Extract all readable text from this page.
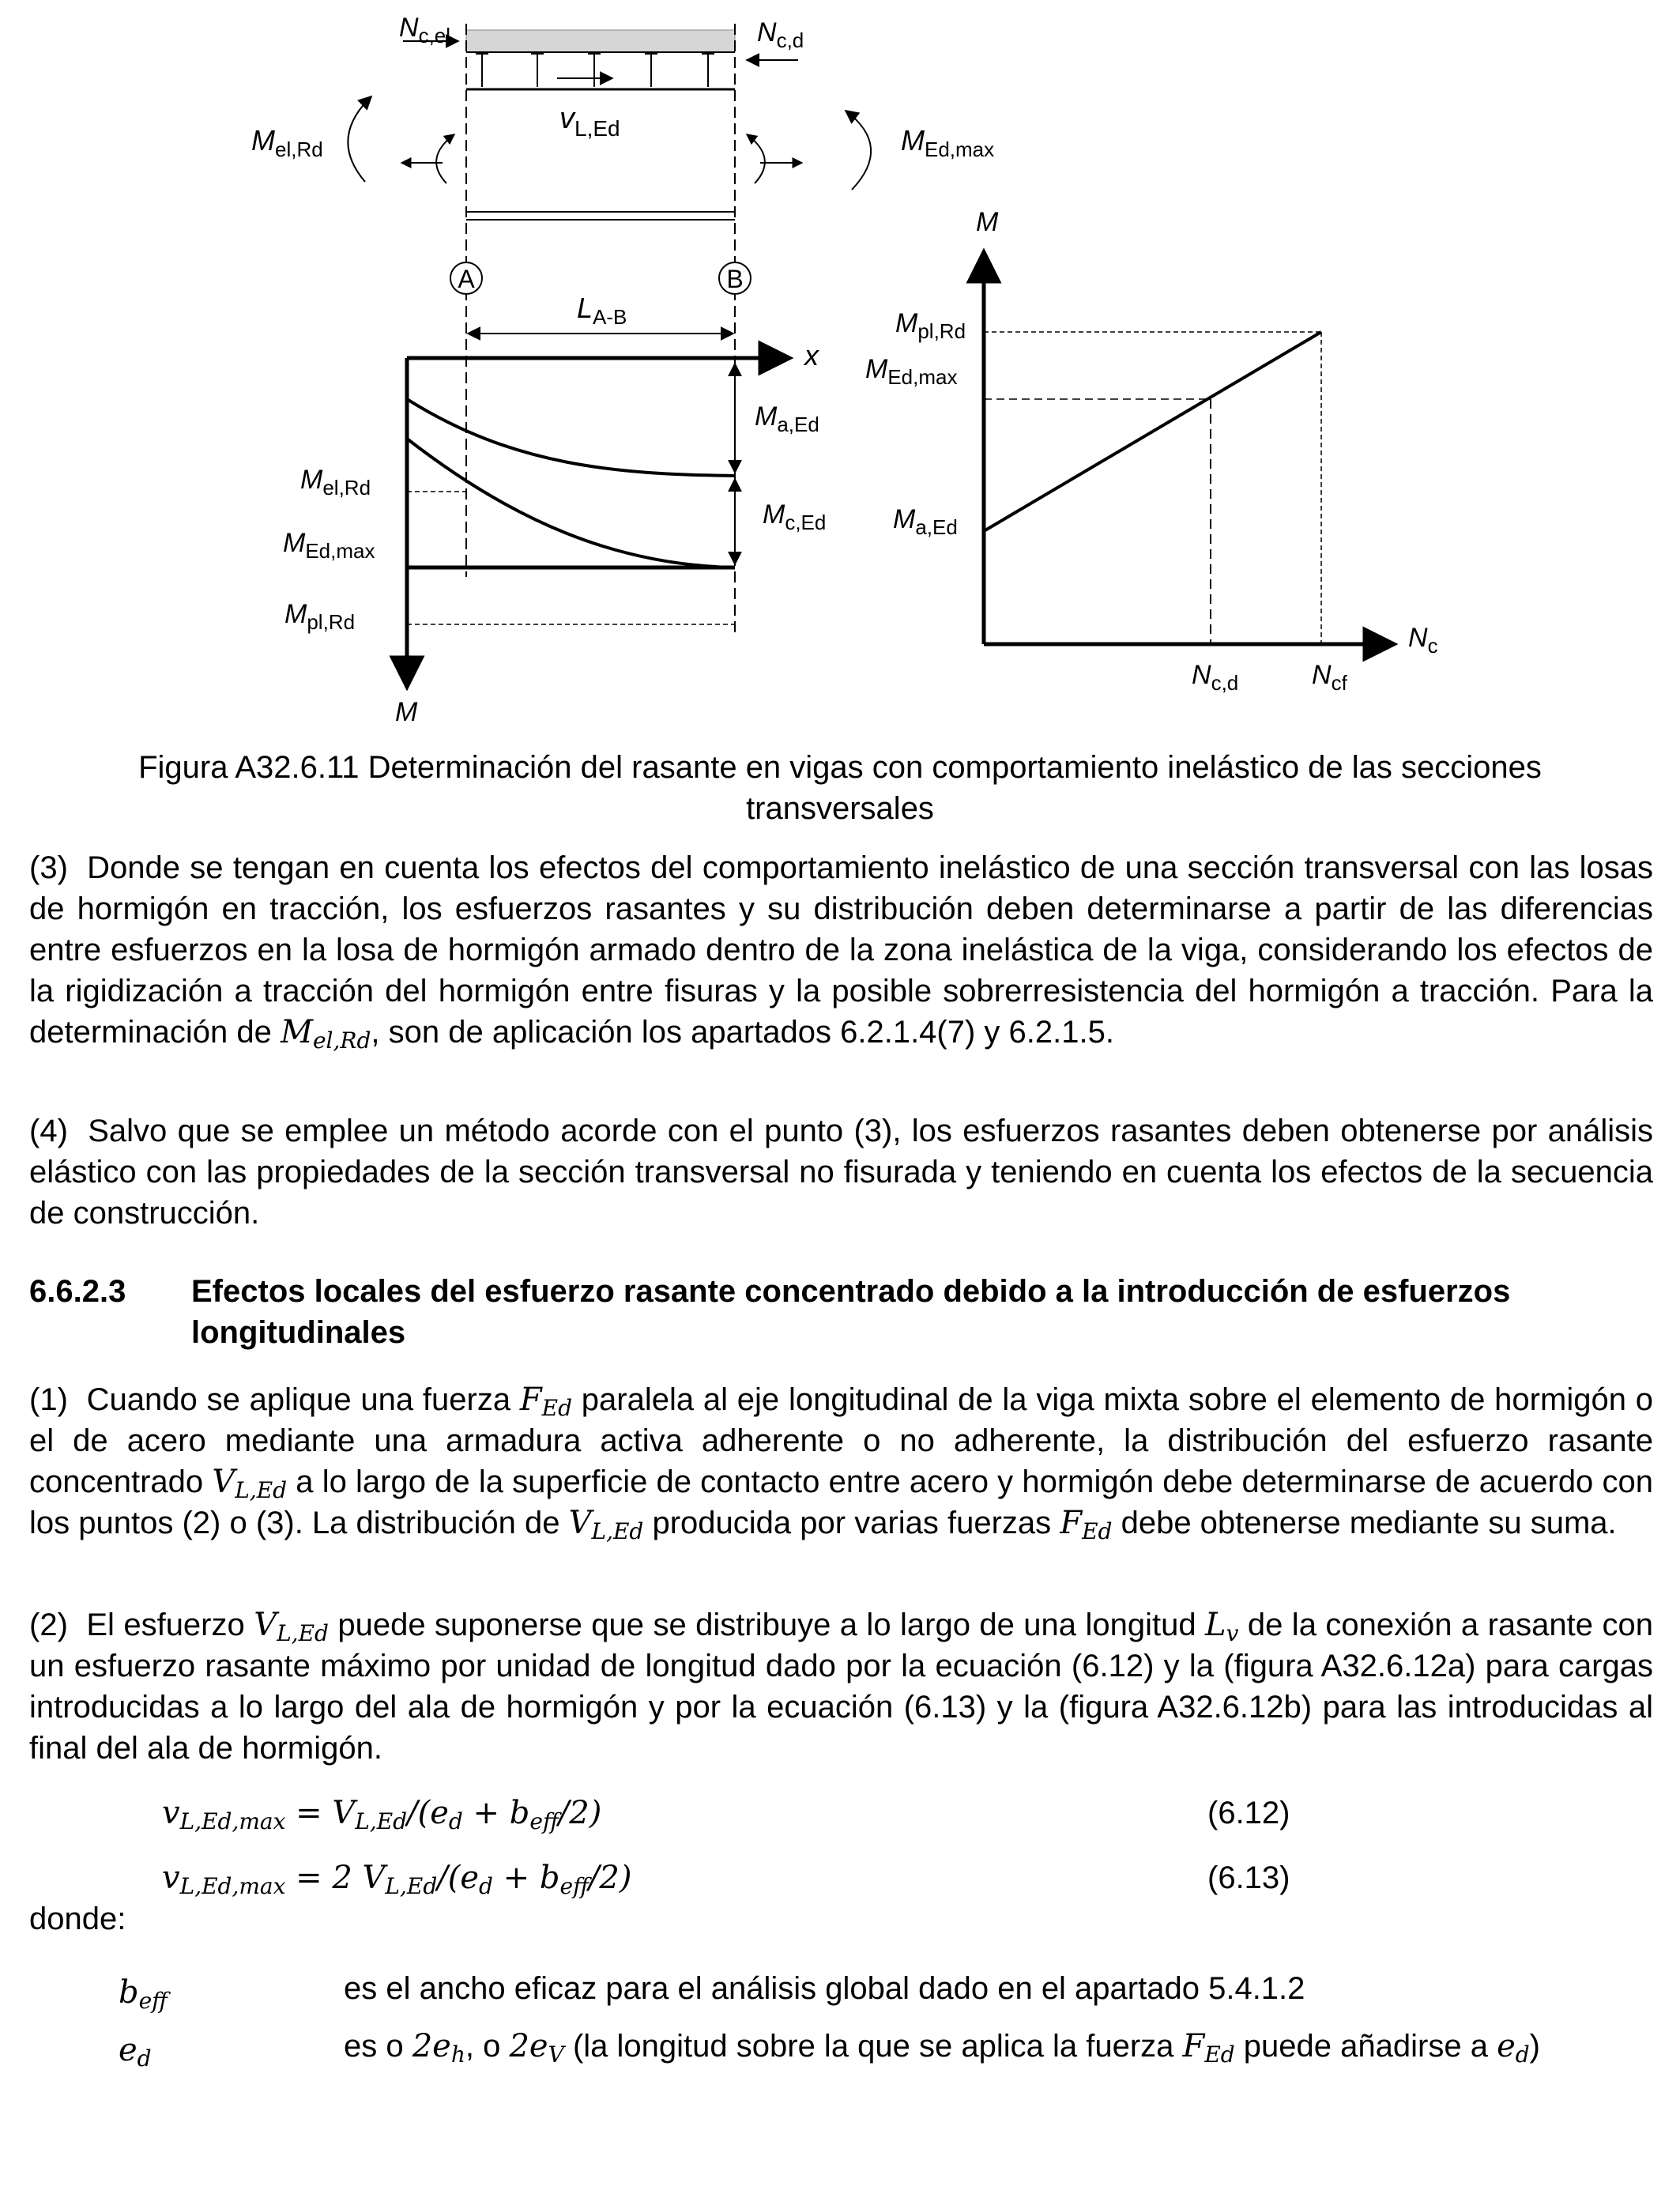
$N_{c,el}$	$N_{c,d}$
$v_{L,Ed}$
$M_{el,Rd}$	$M_{Ed,max}$
A	B
$L_{A-B}$
x
M
$M_{a,Ed}$
$M_{c,Ed}$
$M_{el,Rd}$
$M_{Ed,max}$
$M_{pl,Rd}$
M
$N_c$
$M_{pl,Rd}$
$M_{Ed,max}$
$M_{a,Ed}$
$N_{c,d}$	$N_{cf}$
Figura A32.6.11 Determinación del rasante en vigas con comportamiento inelástico de las secciones transversales

(3) Donde se tengan en cuenta los efectos del comportamiento inelástico de una sección transversal con las losas de hormigón en tracción, los esfuerzos rasantes y su distribución deben determinarse a partir de las diferencias entre esfuerzos en la losa de hormigón armado dentro de la zona inelástica de la viga, considerando los efectos de la rigidización a tracción del hormigón entre fisuras y la posible sobrerresistencia del hormigón a tracción. Para la determinación de $M_{el,Rd}$, son de aplicación los apartados 6.2.1.4(7) y 6.2.1.5.

(4) Salvo que se emplee un método acorde con el punto (3), los esfuerzos rasantes deben obtenerse por análisis elástico con las propiedades de la sección transversal no fisurada y teniendo en cuenta los efectos de la secuencia de construcción.

6.6.2.3 Efectos locales del esfuerzo rasante concentrado debido a la introducción de esfuerzos longitudinales

(1) Cuando se aplique una fuerza $F_{Ed}$ paralela al eje longitudinal de la viga mixta sobre el elemento de hormigón o el de acero mediante una armadura activa adherente o no adherente, la distribución del esfuerzo rasante concentrado $V_{L,Ed}$ a lo largo de la superficie de contacto entre acero y hormigón debe determinarse de acuerdo con los puntos (2) o (3). La distribución de $V_{L,Ed}$ producida por varias fuerzas $F_{Ed}$ debe obtenerse mediante su suma.

(2) El esfuerzo $V_{L,Ed}$ puede suponerse que se distribuye a lo largo de una longitud $L_v$ de la conexión a rasante con un esfuerzo rasante máximo por unidad de longitud dado por la ecuación (6.12) y la (figura A32.6.12a) para cargas introducidas a lo largo del ala de hormigón y por la ecuación (6.13) y la (figura A32.6.12b) para las introducidas al final del ala de hormigón.

$v_{L,Ed,max} = V_{L,Ed}/(e_d + b_{eff}/2)$	(6.12)
$v_{L,Ed,max} = 2$ $V_{L,Ed}/(e_d + b_{eff}/2)$	(6.13)
donde:
$b_{eff}$	es el ancho eficaz para el análisis global dado en el apartado 5.4.1.2
$e_d$	es o $2e_h$, o $2e_V$ (la longitud sobre la que se aplica la fuerza $F_{Ed}$ puede añadirse a $e_d$)
